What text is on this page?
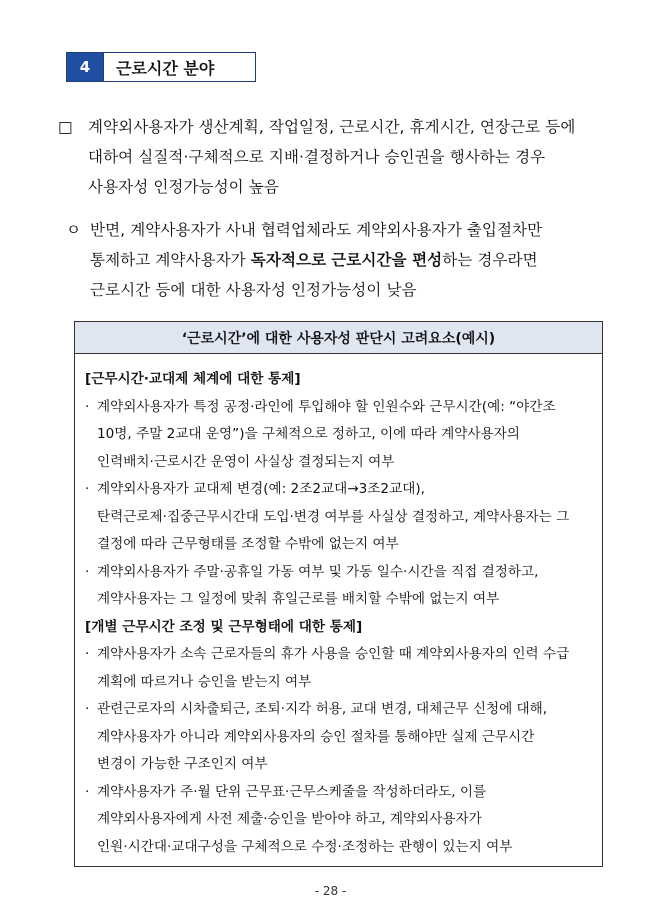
4	근로시간 분야
□ 계약외사용자가 생산계획, 작업일정, 근로시간, 휴게시간, 연장근로 등에
대하여 실질적·구체적으로 지배·결정하거나 승인권을 행사하는 경우
사용자성 인정가능성이 높음
ㅇ 반면, 계약사용자가 사내 협력업체라도 계약외사용자가 출입절차만
통제하고 계약사용자가 독자적으로 근로시간을 편성하는 경우라면
근로시간 등에 대한 사용자성 인정가능성이 낮음
‘근로시간’에 대한 사용자성 판단시 고려요소(예시)
[근무시간·교대제 체계에 대한 통제]
· 계약외사용자가 특정 공정·라인에 투입해야 할 인원수와 근무시간(예: “야간조
10명, 주말 2교대 운영”)을 구체적으로 정하고, 이에 따라 계약사용자의
인력배치·근로시간 운영이 사실상 결정되는지 여부
· 계약외사용자가 교대제 변경(예: 2조2교대→3조2교대),
탄력근로제·집중근무시간대 도입·변경 여부를 사실상 결정하고, 계약사용자는 그
결정에 따라 근무형태를 조정할 수밖에 없는지 여부
· 계약외사용자가 주말·공휴일 가동 여부 및 가동 일수·시간을 직접 결정하고,
계약사용자는 그 일정에 맞춰 휴일근로를 배치할 수밖에 없는지 여부
[개별 근무시간 조정 및 근무형태에 대한 통제]
· 계약사용자가 소속 근로자들의 휴가 사용을 승인할 때 계약외사용자의 인력 수급
계획에 따르거나 승인을 받는지 여부
· 관련근로자의 시차출퇴근, 조퇴·지각 허용, 교대 변경, 대체근무 신청에 대해,
계약사용자가 아니라 계약외사용자의 승인 절차를 통해야만 실제 근무시간
변경이 가능한 구조인지 여부
· 계약사용자가 주·월 단위 근무표·근무스케줄을 작성하더라도, 이를
계약외사용자에게 사전 제출·승인을 받아야 하고, 계약외사용자가
인원·시간대·교대구성을 구체적으로 수정·조정하는 관행이 있는지 여부
- 28 -
